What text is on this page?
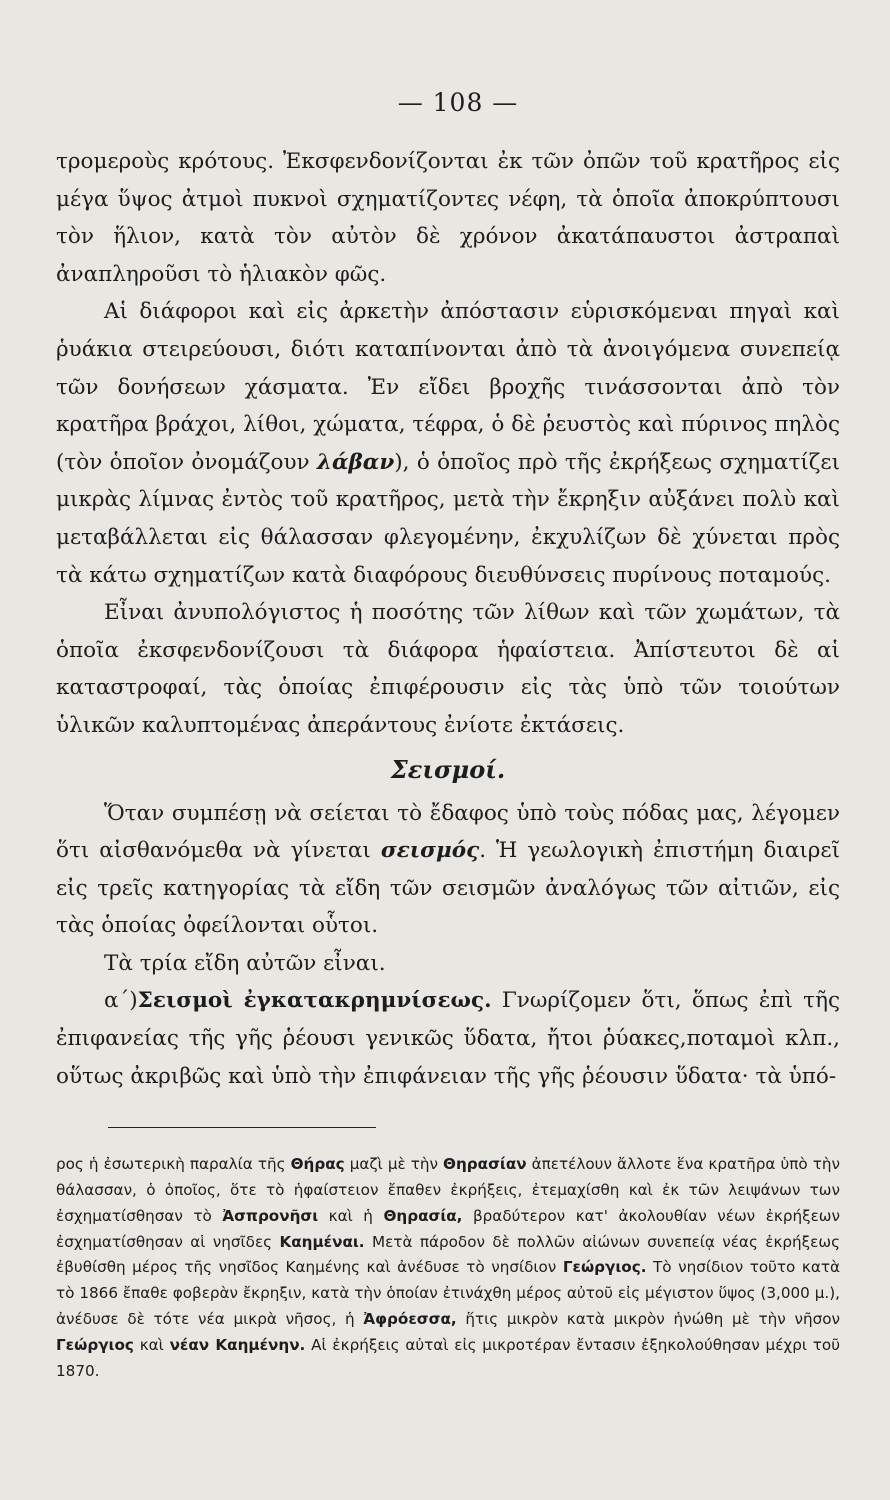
— 108 —

τρομεροὺς κρότους. Ἐκσφενδονίζονται ἐκ τῶν ὀπῶν τοῦ κρατῆρος εἰς μέγα ὕψος ἀτμοὶ πυκνοὶ σχηματίζοντες νέφη, τὰ ὁποῖα ἀποκρύπτουσι τὸν ἥλιον, κατὰ τὸν αὐτὸν δὲ χρόνον ἀκατάπαυστοι ἀστραπαὶ ἀναπληροῦσι τὸ ἡλιακὸν φῶς.

Αἱ διάφοροι καὶ εἰς ἀρκετὴν ἀπόστασιν εὑρισκόμεναι πηγαὶ καὶ ῥυάκια στειρεύουσι, διότι καταπίνονται ἀπὸ τὰ ἀνοιγόμενα συνεπείᾳ τῶν δονήσεων χάσματα. Ἐν εἴδει βροχῆς τινάσσονται ἀπὸ τὸν κρατῆρα βράχοι, λίθοι, χώματα, τέφρα, ὁ δὲ ῥευστὸς καὶ πύρινος πηλὸς (τὸν ὁποῖον ὀνομάζουν λάβαν), ὁ ὁποῖος πρὸ τῆς ἐκρήξεως σχηματίζει μικρὰς λίμνας ἐντὸς τοῦ κρατῆρος, μετὰ τὴν ἔκρηξιν αὐξάνει πολὺ καὶ μεταβάλλεται εἰς θάλασσαν φλεγομένην, ἐκχυλίζων δὲ χύνεται πρὸς τὰ κάτω σχηματίζων κατὰ διαφόρους διευθύνσεις πυρίνους ποταμούς.

Εἶναι ἀνυπολόγιστος ἡ ποσότης τῶν λίθων καὶ τῶν χωμάτων, τὰ ὁποῖα ἐκσφενδονίζουσι τὰ διάφορα ἡφαίστεια. Ἀπίστευτοι δὲ αἱ καταστροφαί, τὰς ὁποίας ἐπιφέρουσιν εἰς τὰς ὑπὸ τῶν τοιούτων ὑλικῶν καλυπτομένας ἀπεράντους ἐνίοτε ἐκτάσεις.

Σεισμοί.

Ὅταν συμπέσῃ νὰ σείεται τὸ ἔδαφος ὑπὸ τοὺς πόδας μας, λέγομεν ὅτι αἰσθανόμεθα νὰ γίνεται σεισμός. Ἡ γεωλογικὴ ἐπιστήμη διαιρεῖ εἰς τρεῖς κατηγορίας τὰ εἴδη τῶν σεισμῶν ἀναλόγως τῶν αἰτιῶν, εἰς τὰς ὁποίας ὀφείλονται οὗτοι.

Τὰ τρία εἴδη αὐτῶν εἶναι.

α΄)Σεισμοὶ ἐγκατακρημνίσεως. Γνωρίζομεν ὅτι, ὅπως ἐπὶ τῆς ἐπιφανείας τῆς γῆς ῥέουσι γενικῶς ὕδατα, ἤτοι ῥύακες,ποταμοὶ κλπ., οὕτως ἀκριβῶς καὶ ὑπὸ τὴν ἐπιφάνειαν τῆς γῆς ῥέουσιν ὕδατα· τὰ ὑπό-

ρος ἡ ἐσωτερικὴ παραλία τῆς Θήρας μαζὶ μὲ τὴν Θηρασίαν ἀπετέλουν ἄλλοτε ἕνα κρατῆρα ὑπὸ τὴν θάλασσαν, ὁ ὁποῖος, ὅτε τὸ ἡφαίστειον ἔπαθεν ἐκρήξεις, ἐτεμαχίσθη καὶ ἐκ τῶν λειψάνων των ἐσχηματίσθησαν τὸ Ἀσπρονῆσι καὶ ἡ Θηρασία, βραδύτερον κατ' ἀκολουθίαν νέων ἐκρήξεων ἐσχηματίσθησαν αἱ νησῖδες Καημέναι. Μετὰ πάροδον δὲ πολλῶν αἰώνων συνεπείᾳ νέας ἐκρήξεως ἐβυθίσθη μέρος τῆς νησῖδος Καημένης καὶ ἀνέδυσε τὸ νησίδιον Γεώργιος. Τὸ νησίδιον τοῦτο κατὰ τὸ 1866 ἔπαθε φοβερὰν ἔκρηξιν, κατὰ τὴν ὁποίαν ἐτινάχθη μέρος αὐτοῦ εἰς μέγιστον ὕψος (3,000 μ.), ἀνέδυσε δὲ τότε νέα μικρὰ νῆσος, ἡ Ἀφρόεσσα, ἥτις μικρὸν κατὰ μικρὸν ἡνώθη μὲ τὴν νῆσον Γεώργιος καὶ νέαν Καημένην. Αἱ ἐκρήξεις αὐταὶ εἰς μικροτέραν ἔντασιν ἐξηκολούθησαν μέχρι τοῦ 1870.
